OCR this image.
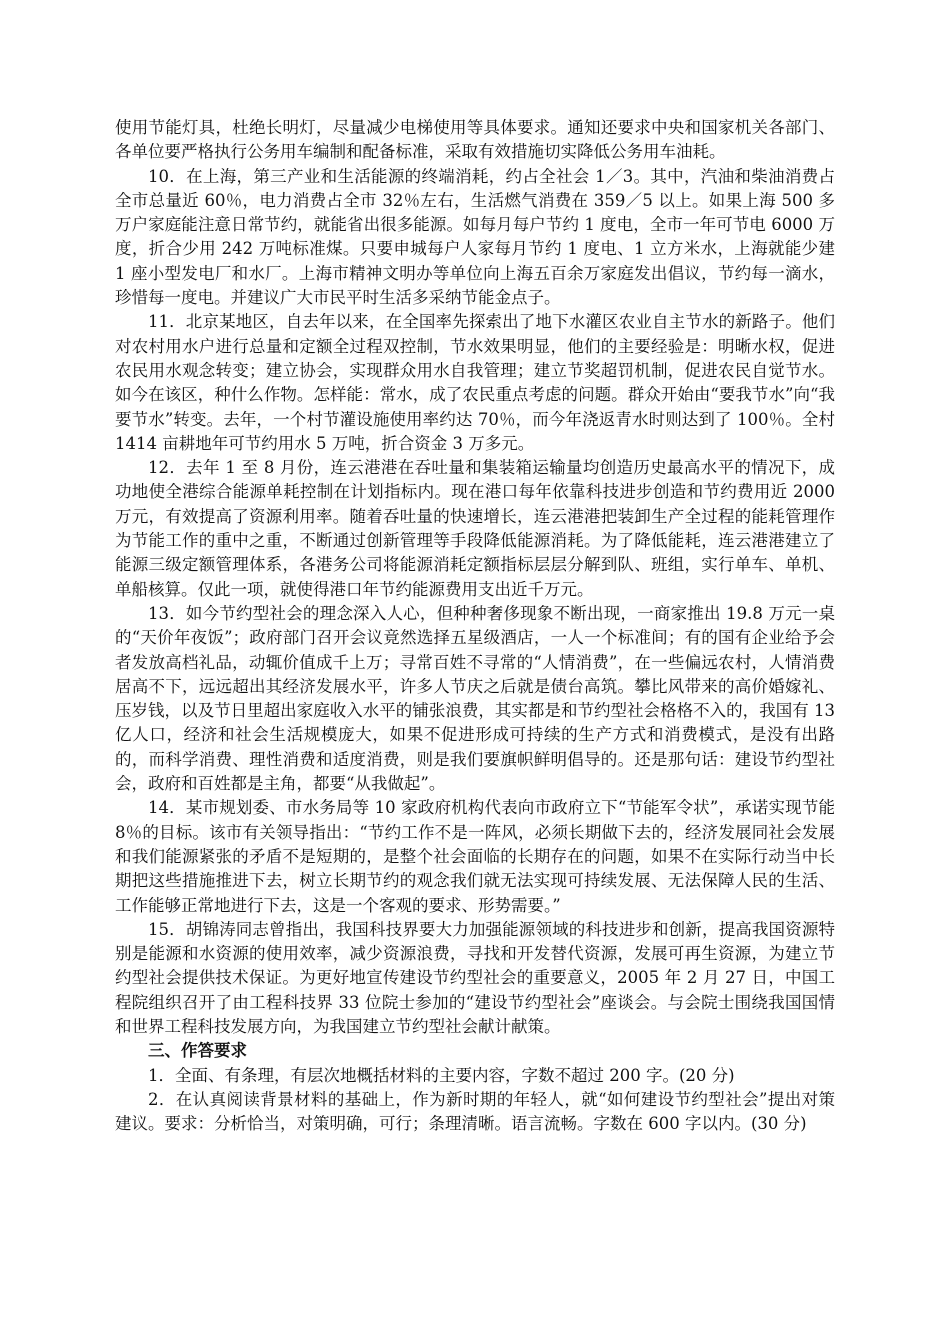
使用节能灯具，杜绝长明灯，尽量减少电梯使用等具体要求。通知还要求中央和国家机关各部门、各单位要严格执行公务用车编制和配备标准，采取有效措施切实降低公务用车油耗。

10．在上海，第三产业和生活能源的终端消耗，约占全社会 1／3。其中，汽油和柴油消费占全市总量近 60％，电力消费占全市 32％左右，生活燃气消费在 359／5 以上。如果上海 500 多万户家庭能注意日常节约，就能省出很多能源。如每月每户节约 1 度电，全市一年可节电 6000 万度，折合少用 242 万吨标准煤。只要申城每户人家每月节约 1 度电、1 立方米水，上海就能少建 1 座小型发电厂和水厂。上海市精神文明办等单位向上海五百余万家庭发出倡议，节约每一滴水，珍惜每一度电。并建议广大市民平时生活多采纳节能金点子。

11．北京某地区，自去年以来，在全国率先探索出了地下水灌区农业自主节水的新路子。他们对农村用水户进行总量和定额全过程双控制，节水效果明显，他们的主要经验是：明晰水权，促进农民用水观念转变；建立协会，实现群众用水自我管理；建立节奖超罚机制，促进农民自觉节水。如今在该区，种什么作物。怎样能：常水，成了农民重点考虑的问题。群众开始由“要我节水”向“我要节水”转变。去年，一个村节灌设施使用率约达 70％，而今年浇返青水时则达到了 100％。全村 1414 亩耕地年可节约用水 5 万吨，折合资金 3 万多元。

12．去年 1 至 8 月份，连云港港在吞吐量和集装箱运输量均创造历史最高水平的情况下，成功地使全港综合能源单耗控制在计划指标内。现在港口每年依靠科技进步创造和节约费用近 2000 万元，有效提高了资源利用率。随着吞吐量的快速增长，连云港港把装卸生产全过程的能耗管理作为节能工作的重中之重，不断通过创新管理等手段降低能源消耗。为了降低能耗，连云港港建立了能源三级定额管理体系，各港务公司将能源消耗定额指标层层分解到队、班组，实行单车、单机、单船核算。仅此一项，就使得港口年节约能源费用支出近千万元。

13．如今节约型社会的理念深入人心，但种种奢侈现象不断出现，一商家推出 19.8 万元一桌的“天价年夜饭”；政府部门召开会议竟然选择五星级酒店，一人一个标准间；有的国有企业给予会者发放高档礼品，动辄价值成千上万；寻常百姓不寻常的“人情消费”，在一些偏远农村，人情消费居高不下，远远超出其经济发展水平，许多人节庆之后就是债台高筑。攀比风带来的高价婚嫁礼、压岁钱，以及节日里超出家庭收入水平的铺张浪费，其实都是和节约型社会格格不入的，我国有 13 亿人口，经济和社会生活规模庞大，如果不促进形成可持续的生产方式和消费模式，是没有出路的，而科学消费、理性消费和适度消费，则是我们要旗帜鲜明倡导的。还是那句话：建设节约型社会，政府和百姓都是主角，都要“从我做起”。

14．某市规划委、市水务局等 10 家政府机构代表向市政府立下“节能军令状”，承诺实现节能 8％的目标。该市有关领导指出：“节约工作不是一阵风，必须长期做下去的，经济发展同社会发展和我们能源紧张的矛盾不是短期的，是整个社会面临的长期存在的问题，如果不在实际行动当中长期把这些措施推进下去，树立长期节约的观念我们就无法实现可持续发展、无法保障人民的生活、工作能够正常地进行下去，这是一个客观的要求、形势需要。”

15．胡锦涛同志曾指出，我国科技界要大力加强能源领域的科技进步和创新，提高我国资源特别是能源和水资源的使用效率，减少资源浪费，寻找和开发替代资源，发展可再生资源，为建立节约型社会提供技术保证。为更好地宣传建设节约型社会的重要意义，2005 年 2 月 27 日，中国工程院组织召开了由工程科技界 33 位院士参加的“建设节约型社会”座谈会。与会院士围绕我国国情和世界工程科技发展方向，为我国建立节约型社会献计献策。

三、作答要求

1．全面、有条理，有层次地概括材料的主要内容，字数不超过 200 字。(20 分)

2．在认真阅读背景材料的基础上，作为新时期的年轻人，就“如何建设节约型社会”提出对策建议。要求：分析恰当，对策明确，可行；条理清晰。语言流畅。字数在 600 字以内。(30 分)
